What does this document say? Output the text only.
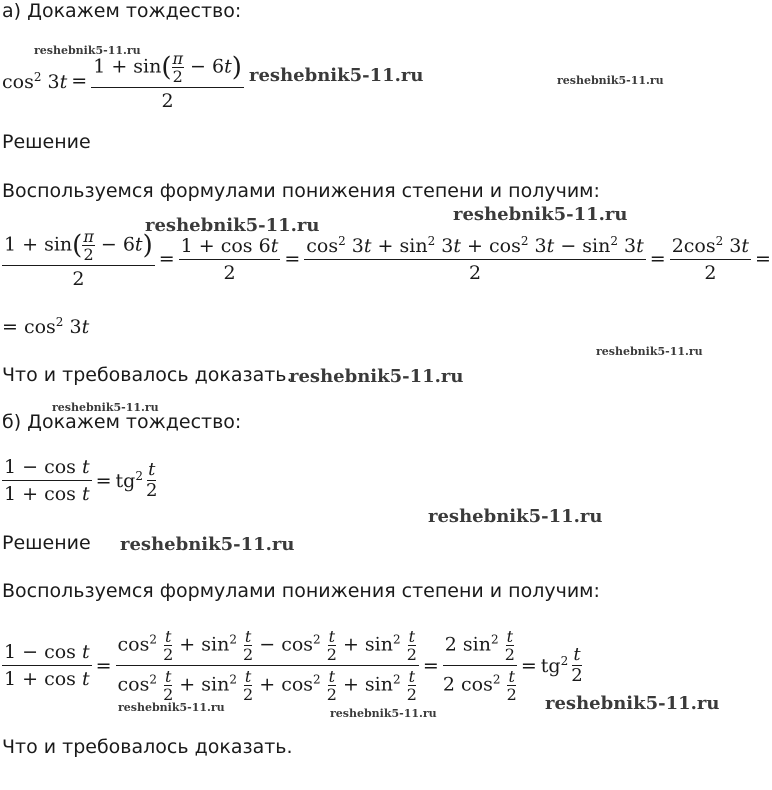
а) Докажем тождество:
$\cos^2 3t = \frac{1 + \sin( \frac{\pi}{2} - 6t)}{2}$
Решение
Воспользуемся формулами понижения степени и получим:
$\frac{1 + \sin( \frac{\pi}{2} - 6t)}{2} = \frac{1 + \cos 6t}{2} = \frac{\cos^2 3t + \sin^2 3t + \cos^2 3t - \sin^2 3t}{2} = \frac{2\cos^2 3t}{2}$ =
= $\cos^2 3t$
Что и требовалось доказать.
б) Докажем тождество:
$\frac{\text{1 − cos t}}{\text{1 + cos t}} = tg^2$ t
2
Решение
Воспользуемся формулами понижения степени и получим:
$\frac{\text{1 − cos t}}{\text{1 + cos t}} = \frac{\cos^2 \frac{t}{2} + \sin^2 \frac{t}{2} - \cos^2 \frac{t}{2} + \sin^2 \frac{t}{2}}{\cos^2 \frac{t}{2} + \sin^2 \frac{t}{2} + \cos^2 \frac{t}{2} + \sin^2 \frac{t}{2}} = \frac{2 \sin^2 \frac{t}{2}}{2 \cos^2 \frac{t}{2}} = tg^2$ t
2
Что и требовалось доказать.
reshebnik5-11.ru
reshebnik5-11.ru	reshebnik5-11.ru
reshebnik5-11.ru
reshebnik5-11.ru
reshebnik5-11.ru
reshebnik5-11.ru
reshebnik5-11.ru
reshebnik5-11.ru
reshebnik5-11.ru
reshebnik5-11.ru	reshebnik5-11.ru	reshebnik5-11.ru
